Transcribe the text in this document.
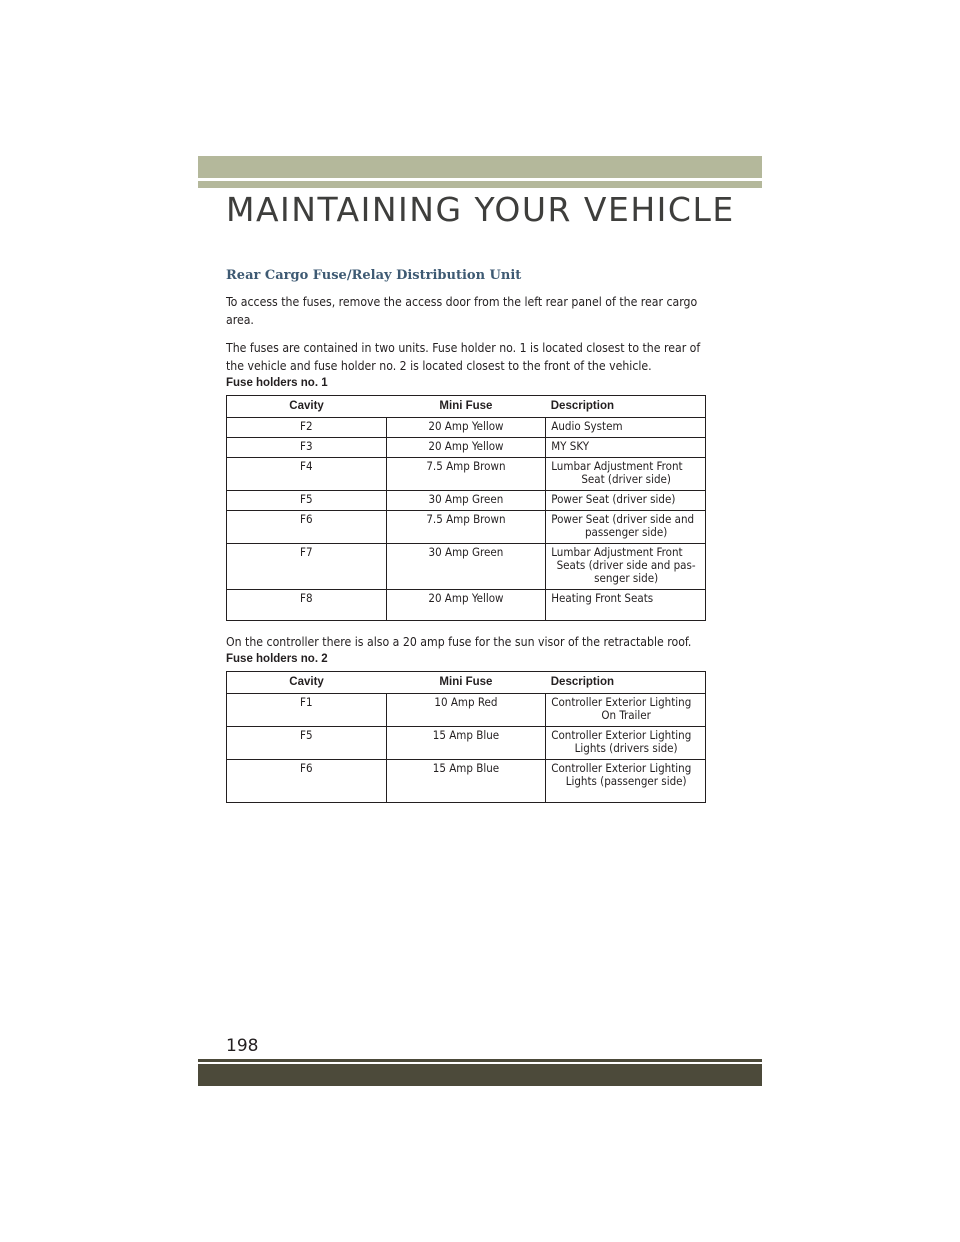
MAINTAINING YOUR VEHICLE
Rear Cargo Fuse/Relay Distribution Unit

To access the fuses, remove the access door from the left rear panel of the rear cargo area.

The fuses are contained in two units. Fuse holder no. 1 is located closest to the rear of the vehicle and fuse holder no. 2 is located closest to the front of the vehicle.

Fuse holders no. 1
Cavity	Mini Fuse	Description
F2	20 Amp Yellow	Audio System
F3	20 Amp Yellow	MY SKY
F4	7.5 Amp Brown	Lumbar Adjustment Front
Seat (driver side)

F5	30 Amp Green	Power Seat (driver side)
F6	7.5 Amp Brown	Power Seat (driver side and
passenger side)

F7	30 Amp Green	Lumbar Adjustment Front
Seats (driver side and pas-
senger side)

F8	20 Amp Yellow	Heating Front Seats

On the controller there is also a 20 amp fuse for the sun visor of the retractable roof.

Fuse holders no. 2
Cavity	Mini Fuse	Description
F1	10 Amp Red	Controller Exterior Lighting
On Trailer

F5	15 Amp Blue	Controller Exterior Lighting
Lights (drivers side)

F6	15 Amp Blue	Controller Exterior Lighting
Lights (passenger side)
198
